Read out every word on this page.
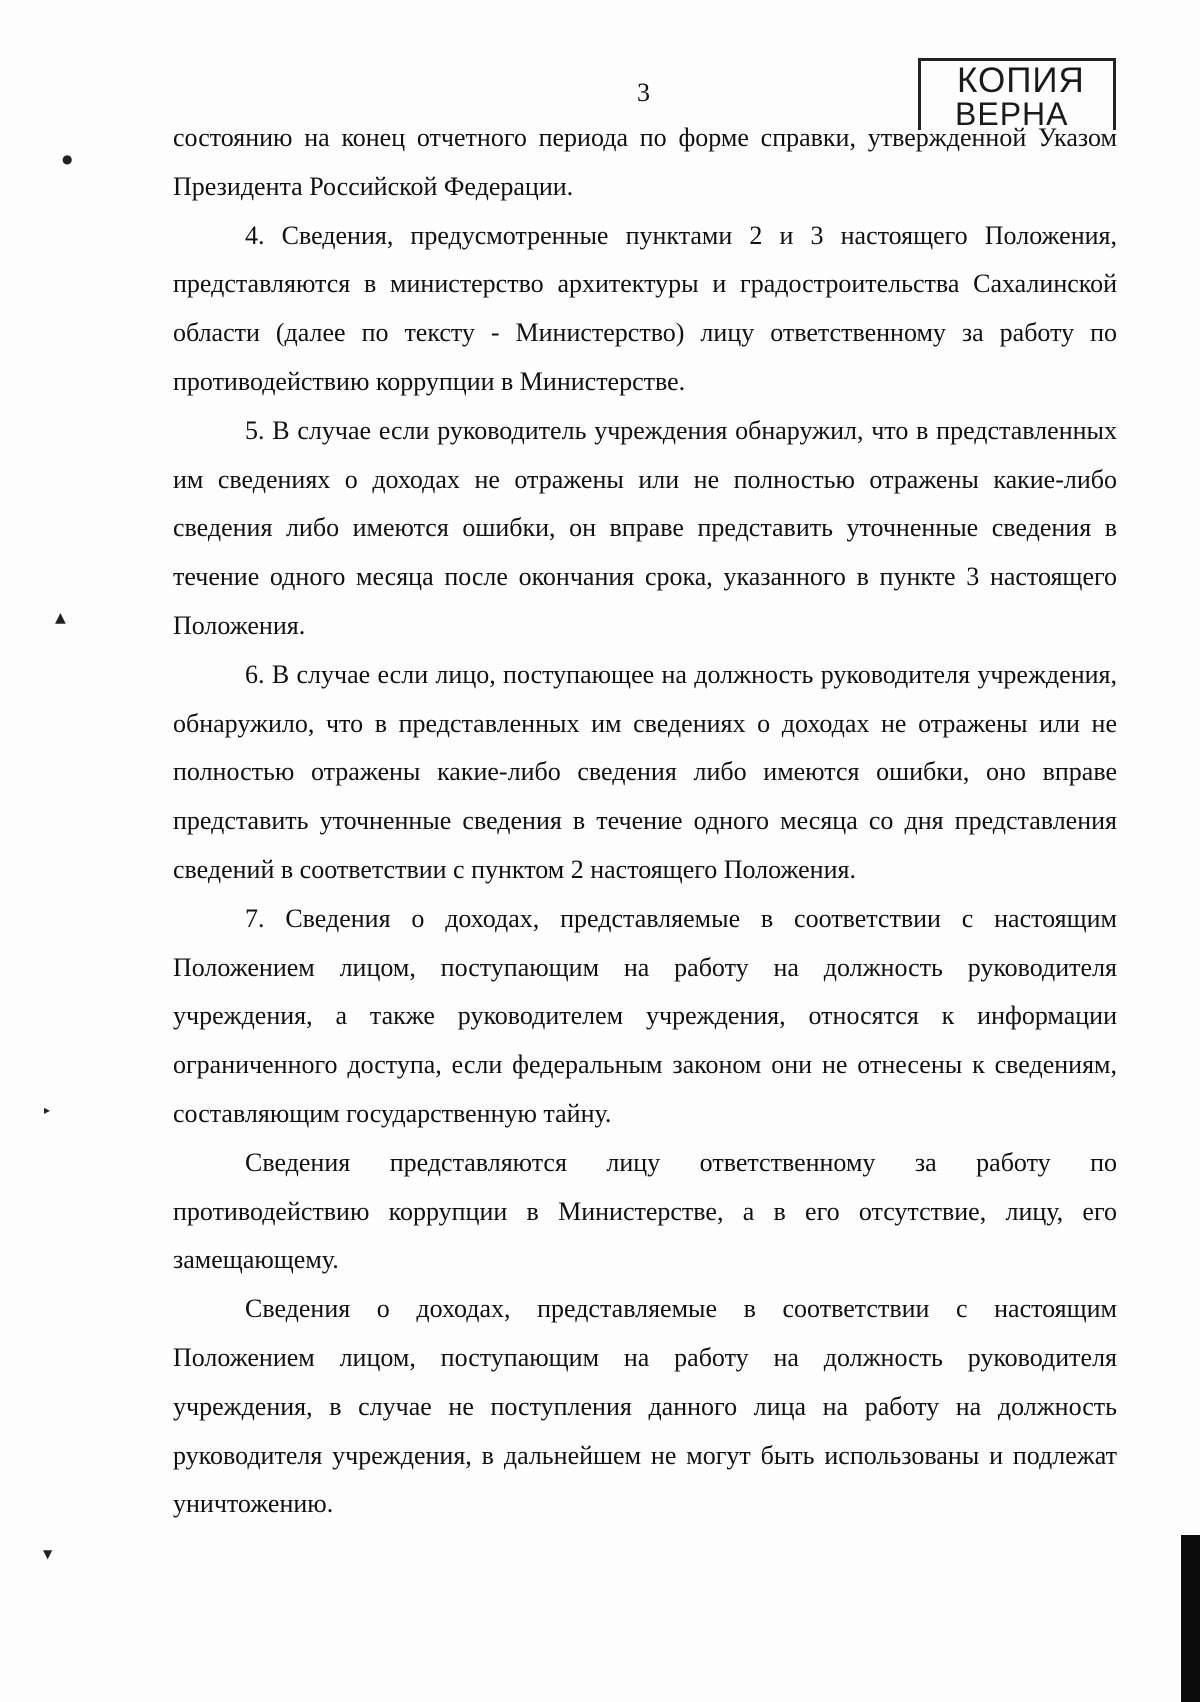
3	КОПИЯ
ВЕРНА
●
▲
▸
▼

состоянию на конец отчетного периода по форме справки, утвержденной Указом Президента Российской Федерации.

4. Сведения, предусмотренные пунктами 2 и 3 настоящего Положения, представляются в министерство архитектуры и градостроительства Сахалинской области (далее по тексту - Министерство) лицу ответственному за работу по противодействию коррупции в Министерстве.

5. В случае если руководитель учреждения обнаружил, что в представленных им сведениях о доходах не отражены или не полностью отражены какие-либо сведения либо имеются ошибки, он вправе представить уточненные сведения в течение одного месяца после окончания срока, указанного в пункте 3 настоящего Положения.

6. В случае если лицо, поступающее на должность руководителя учреждения, обнаружило, что в представленных им сведениях о доходах не отражены или не полностью отражены какие-либо сведения либо имеются ошибки, оно вправе представить уточненные сведения в течение одного месяца со дня представления сведений в соответствии с пунктом 2 настоящего Положения.

7. Сведения о доходах, представляемые в соответствии с настоящим Положением лицом, поступающим на работу на должность руководителя учреждения, а также руководителем учреждения, относятся к информации ограниченного доступа, если федеральным законом они не отнесены к сведениям, составляющим государственную тайну.

Сведения представляются лицу ответственному за работу по противодействию коррупции в Министерстве, а в его отсутствие, лицу, его замещающему.

Сведения о доходах, представляемые в соответствии с настоящим Положением лицом, поступающим на работу на должность руководителя учреждения, в случае не поступления данного лица на работу на должность руководителя учреждения, в дальнейшем не могут быть использованы и подлежат уничтожению.
